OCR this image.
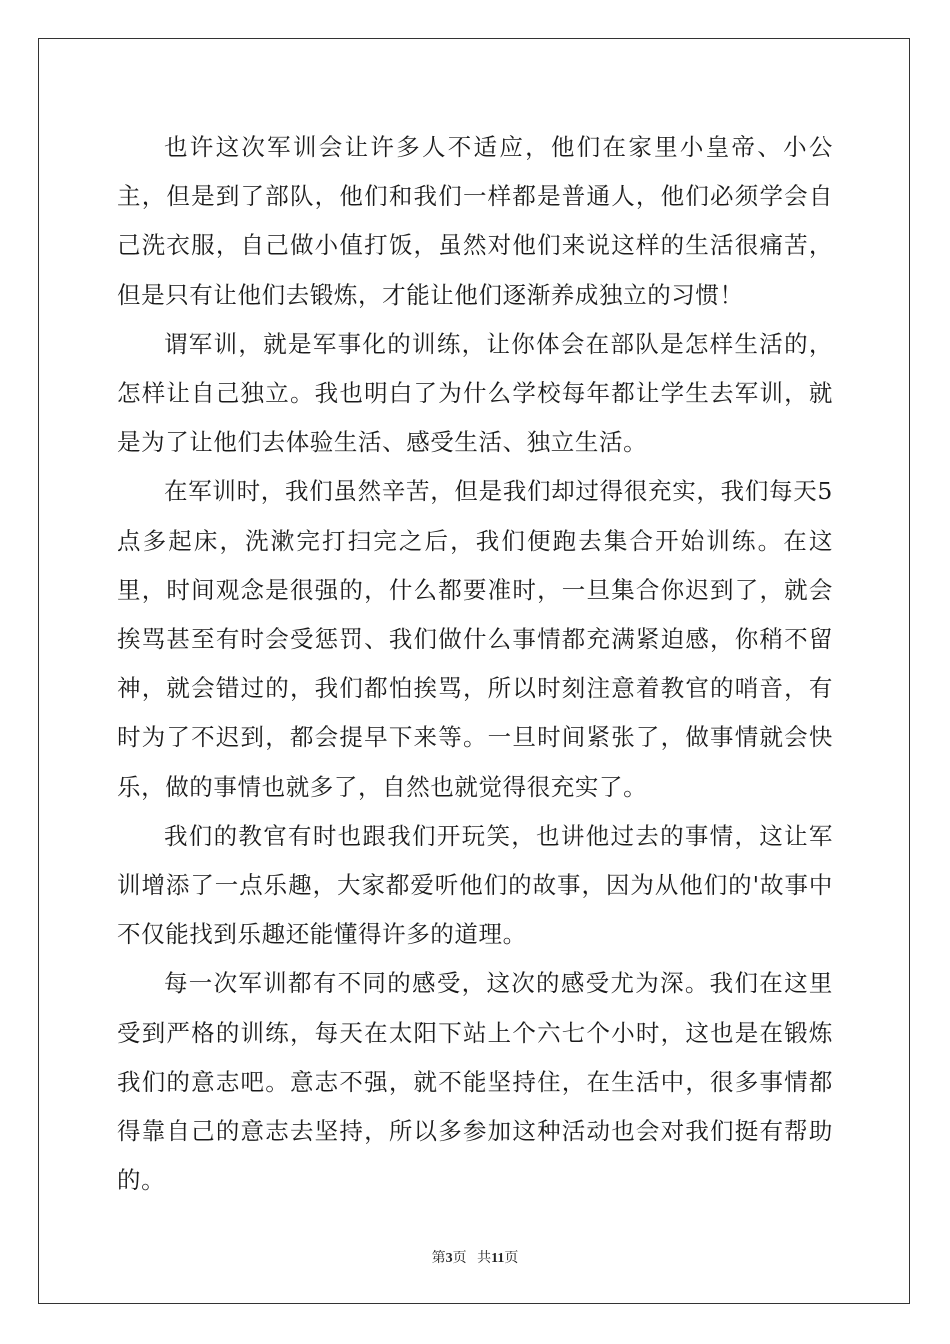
也许这次军训会让许多人不适应，他们在家里小皇帝、小公主，但是到了部队，他们和我们一样都是普通人，他们必须学会自己洗衣服，自己做小值打饭，虽然对他们来说这样的生活很痛苦，但是只有让他们去锻炼，才能让他们逐渐养成独立的习惯！

谓军训，就是军事化的训练，让你体会在部队是怎样生活的，怎样让自己独立。我也明白了为什么学校每年都让学生去军训，就是为了让他们去体验生活、感受生活、独立生活。

在军训时，我们虽然辛苦，但是我们却过得很充实，我们每天5点多起床，洗漱完打扫完之后，我们便跑去集合开始训练。在这里，时间观念是很强的，什么都要准时，一旦集合你迟到了，就会挨骂甚至有时会受惩罚、我们做什么事情都充满紧迫感，你稍不留神，就会错过的，我们都怕挨骂，所以时刻注意着教官的哨音，有时为了不迟到，都会提早下来等。一旦时间紧张了，做事情就会快乐，做的事情也就多了，自然也就觉得很充实了。

我们的教官有时也跟我们开玩笑，也讲他过去的事情，这让军训增添了一点乐趣，大家都爱听他们的故事，因为从他们的'故事中不仅能找到乐趣还能懂得许多的道理。

每一次军训都有不同的感受，这次的感受尤为深。我们在这里受到严格的训练，每天在太阳下站上个六七个小时，这也是在锻炼我们的意志吧。意志不强，就不能坚持住，在生活中，很多事情都得靠自己的意志去坚持，所以多参加这种活动也会对我们挺有帮助的。

第3页 共11页
